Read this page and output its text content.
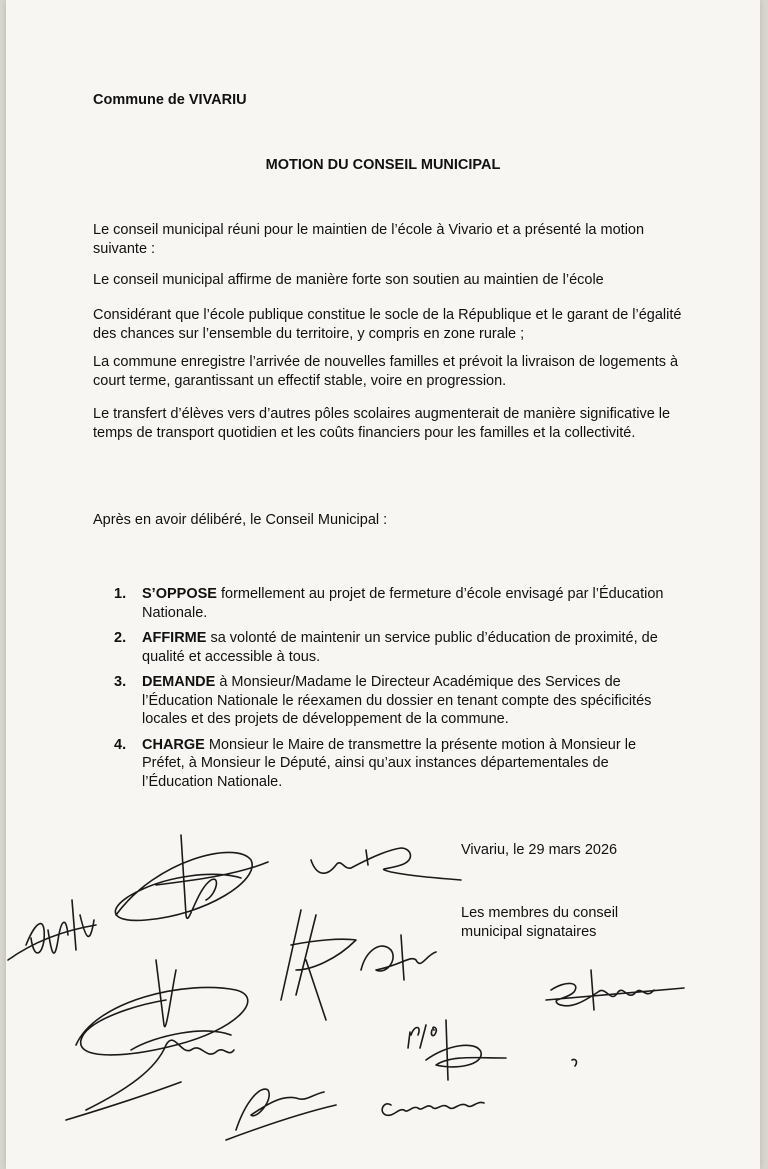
Commune de VIVARIU
MOTION DU CONSEIL MUNICIPAL
Le conseil municipal réuni pour le maintien de l’école à Vivario et a présenté la motion suivante :
Le conseil municipal affirme de manière forte son soutien au maintien de l’école
Considérant que l’école publique constitue le socle de la République et le garant de l’égalité des chances sur l’ensemble du territoire, y compris en zone rurale ;
La commune enregistre l’arrivée de nouvelles familles et prévoit la livraison de logements à court terme, garantissant un effectif stable, voire en progression.
Le transfert d’élèves vers d’autres pôles scolaires augmenterait de manière significative le temps de transport quotidien et les coûts financiers pour les familles et la collectivité.
Après en avoir délibéré, le Conseil Municipal :
1.	S’OPPOSE formellement au projet de fermeture d’école envisagé par l’Éducation Nationale.
2.	AFFIRME sa volonté de maintenir un service public d’éducation de proximité, de qualité et accessible à tous.
3.	DEMANDE à Monsieur/Madame le Directeur Académique des Services de l’Éducation Nationale le réexamen du dossier en tenant compte des spécificités locales et des projets de développement de la commune.
4.	CHARGE Monsieur le Maire de transmettre la présente motion à Monsieur le Préfet, à Monsieur le Député, ainsi qu’aux instances départementales de l’Éducation Nationale.
Vivariu, le 29 mars 2026
Les membres du conseil municipal signataires
